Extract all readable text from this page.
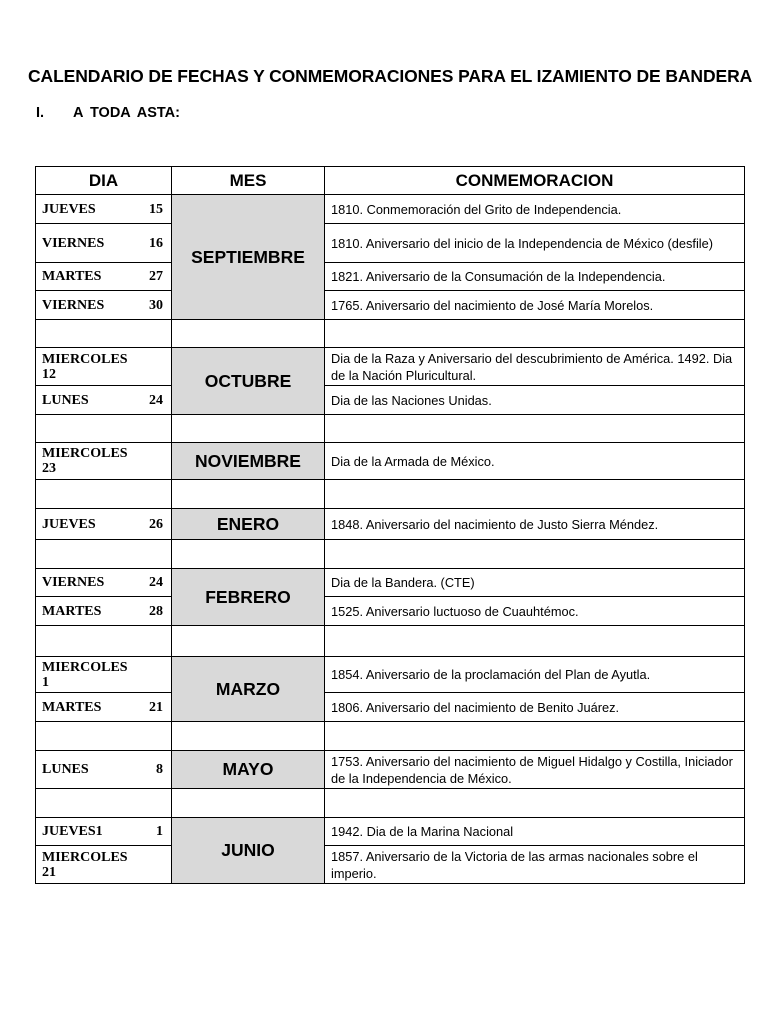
CALENDARIO DE FECHAS Y CONMEMORACIONES PARA EL IZAMIENTO DE BANDERA
I. A TODA ASTA:
DIA	MES	CONMEMORACION

JUEVES 15	SEPTIEMBRE	1810. Conmemoración del Grito de Independencia.

VIERNES 16		1810. Aniversario del inicio de la Independencia de México (desfile)

MARTES 27		1821. Aniversario de la Consumación de la Independencia.

VIERNES 30		1765. Aniversario del nacimiento de José María Morelos.

MIERCOLES
12	OCTUBRE	Dia de la Raza y Aniversario del descubrimiento de América. 1492. Dia de la Nación Pluricultural.

LUNES 24		Dia de las Naciones Unidas.

MIERCOLES
23	NOVIEMBRE	Dia de la Armada de México.

JUEVES 26	ENERO	1848. Aniversario del nacimiento de Justo Sierra Méndez.

VIERNES 24	FEBRERO	Dia de la Bandera. (CTE)

MARTES 28		1525. Aniversario luctuoso de Cuauhtémoc.

MIERCOLES
1	MARZO	1854. Aniversario de la proclamación del Plan de Ayutla.

MARTES 21		1806. Aniversario del nacimiento de Benito Juárez.

LUNES 8	MAYO	1753. Aniversario del nacimiento de Miguel Hidalgo y Costilla, Iniciador de la Independencia de México.

JUEVES1 1	JUNIO	1942. Dia de la Marina Nacional

MIERCOLES
21		1857. Aniversario de la Victoria de las armas nacionales sobre el imperio.
